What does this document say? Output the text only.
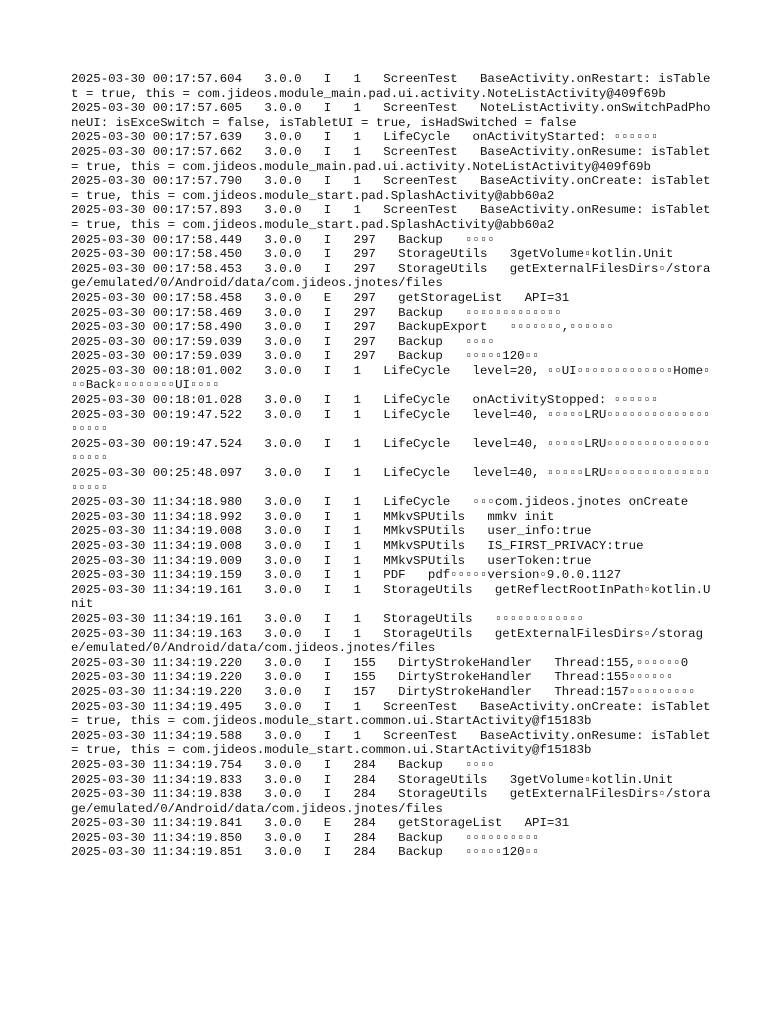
2025-03-30 00:17:57.604   3.0.0   I   1   ScreenTest   BaseActivity.onRestart: isTablet = true, this = com.jideos.module_main.pad.ui.activity.NoteListActivity@409f69b
2025-03-30 00:17:57.605   3.0.0   I   1   ScreenTest   NoteListActivity.onSwitchPadPhoneUI: isExceSwitch = false, isTabletUI = true, isHadSwitched = false
2025-03-30 00:17:57.639   3.0.0   I   1   LifeCycle   onActivityStarted: ▫▫▫▫▫▫
2025-03-30 00:17:57.662   3.0.0   I   1   ScreenTest   BaseActivity.onResume: isTablet = true, this = com.jideos.module_main.pad.ui.activity.NoteListActivity@409f69b
2025-03-30 00:17:57.790   3.0.0   I   1   ScreenTest   BaseActivity.onCreate: isTablet = true, this = com.jideos.module_start.pad.SplashActivity@abb60a2
2025-03-30 00:17:57.893   3.0.0   I   1   ScreenTest   BaseActivity.onResume: isTablet = true, this = com.jideos.module_start.pad.SplashActivity@abb60a2
2025-03-30 00:17:58.449   3.0.0   I   297   Backup   ▫▫▫▫
2025-03-30 00:17:58.450   3.0.0   I   297   StorageUtils   3getVolume▫kotlin.Unit
2025-03-30 00:17:58.453   3.0.0   I   297   StorageUtils   getExternalFilesDirs▫/storage/emulated/0/Android/data/com.jideos.jnotes/files
2025-03-30 00:17:58.458   3.0.0   E   297   getStorageList   API=31
2025-03-30 00:17:58.469   3.0.0   I   297   Backup   ▫▫▫▫▫▫▫▫▫▫▫▫▫
2025-03-30 00:17:58.490   3.0.0   I   297   BackupExport   ▫▫▫▫▫▫▫,▫▫▫▫▫▫
2025-03-30 00:17:59.039   3.0.0   I   297   Backup   ▫▫▫▫
2025-03-30 00:17:59.039   3.0.0   I   297   Backup   ▫▫▫▫▫120▫▫
2025-03-30 00:18:01.002   3.0.0   I   1   LifeCycle   level=20, ▫▫UI▫▫▫▫▫▫▫▫▫▫▫▫▫Home▫▫▫Back▫▫▫▫▫▫▫▫UI▫▫▫▫
2025-03-30 00:18:01.028   3.0.0   I   1   LifeCycle   onActivityStopped: ▫▫▫▫▫▫
2025-03-30 00:19:47.522   3.0.0   I   1   LifeCycle   level=40, ▫▫▫▫▫LRU▫▫▫▫▫▫▫▫▫▫▫▫▫▫▫▫▫▫▫
2025-03-30 00:19:47.524   3.0.0   I   1   LifeCycle   level=40, ▫▫▫▫▫LRU▫▫▫▫▫▫▫▫▫▫▫▫▫▫▫▫▫▫▫
2025-03-30 00:25:48.097   3.0.0   I   1   LifeCycle   level=40, ▫▫▫▫▫LRU▫▫▫▫▫▫▫▫▫▫▫▫▫▫▫▫▫▫▫
2025-03-30 11:34:18.980   3.0.0   I   1   LifeCycle   ▫▫▫com.jideos.jnotes onCreate
2025-03-30 11:34:18.992   3.0.0   I   1   MMkvSPUtils   mmkv init
2025-03-30 11:34:19.008   3.0.0   I   1   MMkvSPUtils   user_info:true
2025-03-30 11:34:19.008   3.0.0   I   1   MMkvSPUtils   IS_FIRST_PRIVACY:true
2025-03-30 11:34:19.009   3.0.0   I   1   MMkvSPUtils   userToken:true
2025-03-30 11:34:19.159   3.0.0   I   1   PDF   pdf▫▫▫▫▫version▫9.0.0.1127
2025-03-30 11:34:19.161   3.0.0   I   1   StorageUtils   getReflectRootInPath▫kotlin.Unit
2025-03-30 11:34:19.161   3.0.0   I   1   StorageUtils   ▫▫▫▫▫▫▫▫▫▫▫▫
2025-03-30 11:34:19.163   3.0.0   I   1   StorageUtils   getExternalFilesDirs▫/storage/emulated/0/Android/data/com.jideos.jnotes/files
2025-03-30 11:34:19.220   3.0.0   I   155   DirtyStrokeHandler   Thread:155,▫▫▫▫▫▫0
2025-03-30 11:34:19.220   3.0.0   I   155   DirtyStrokeHandler   Thread:155▫▫▫▫▫▫
2025-03-30 11:34:19.220   3.0.0   I   157   DirtyStrokeHandler   Thread:157▫▫▫▫▫▫▫▫▫
2025-03-30 11:34:19.495   3.0.0   I   1   ScreenTest   BaseActivity.onCreate: isTablet = true, this = com.jideos.module_start.common.ui.StartActivity@f15183b
2025-03-30 11:34:19.588   3.0.0   I   1   ScreenTest   BaseActivity.onResume: isTablet = true, this = com.jideos.module_start.common.ui.StartActivity@f15183b
2025-03-30 11:34:19.754   3.0.0   I   284   Backup   ▫▫▫▫
2025-03-30 11:34:19.833   3.0.0   I   284   StorageUtils   3getVolume▫kotlin.Unit
2025-03-30 11:34:19.838   3.0.0   I   284   StorageUtils   getExternalFilesDirs▫/storage/emulated/0/Android/data/com.jideos.jnotes/files
2025-03-30 11:34:19.841   3.0.0   E   284   getStorageList   API=31
2025-03-30 11:34:19.850   3.0.0   I   284   Backup   ▫▫▫▫▫▫▫▫▫▫
2025-03-30 11:34:19.851   3.0.0   I   284   Backup   ▫▫▫▫▫120▫▫
